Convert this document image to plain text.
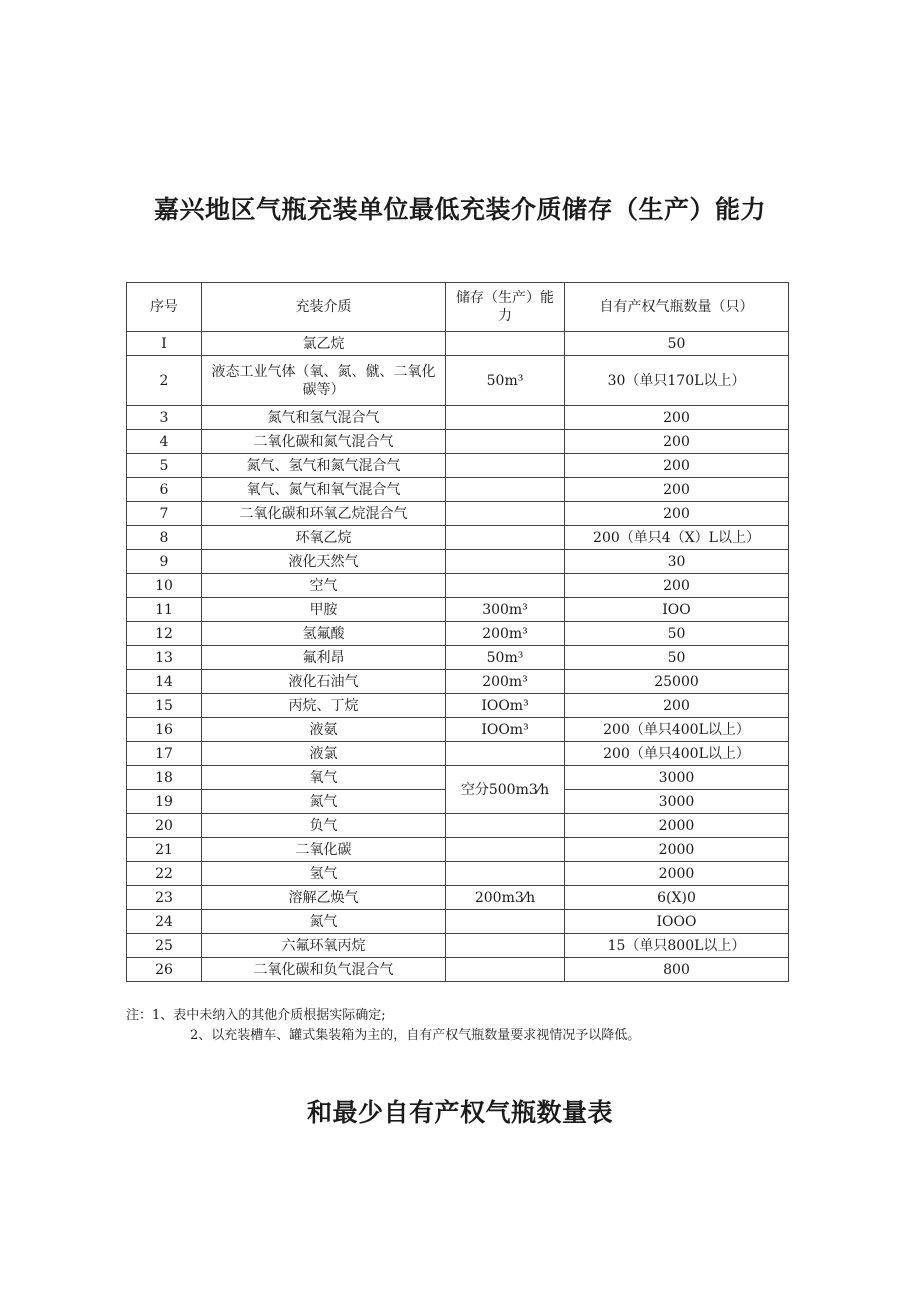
嘉兴地区气瓶充装单位最低充装介质储存（生产）能力
序号	充装介质	储存（生产）能力	自有产权气瓶数量（只）
I	氯乙烷		50
2	液态工业气体（氧、氮、僦、二氧化碳等）	50m³	30（单只170L以上）
3	氮气和氢气混合气		200
4	二氧化碳和氮气混合气		200
5	氮气、氢气和氮气混合气		200
6	氧气、氮气和氧气混合气		200
7	二氧化碳和环氧乙烷混合气		200
8	环氧乙烷		200（单只4（X）L以上）
9	液化天然气		30
10	空气		200
11	甲胺	300m³	IOO
12	氢氟酸	200m³	50
13	氟利昂	50m³	50
14	液化石油气	200m³	25000
15	丙烷、丁烷	IOOm³	200
16	液氨	IOOm³	200（单只400L以上）
17	液氯		200（单只400L以上）
18	氧气	空分500m3⁄h	3000
19	氮气		3000
20	负气		2000
21	二氧化碳		2000
22	氢气		2000
23	溶解乙焕气	200m3⁄h	6(X)0
24	氮气		IOOO
25	六氟环氧丙烷		15（单只800L以上）
26	二氧化碳和负气混合气		800
注：1、表中未纳入的其他介质根据实际确定;
2、以充装槽车、罐式集装箱为主的，自有产权气瓶数量要求视情况予以降低。
和最少自有产权气瓶数量表
